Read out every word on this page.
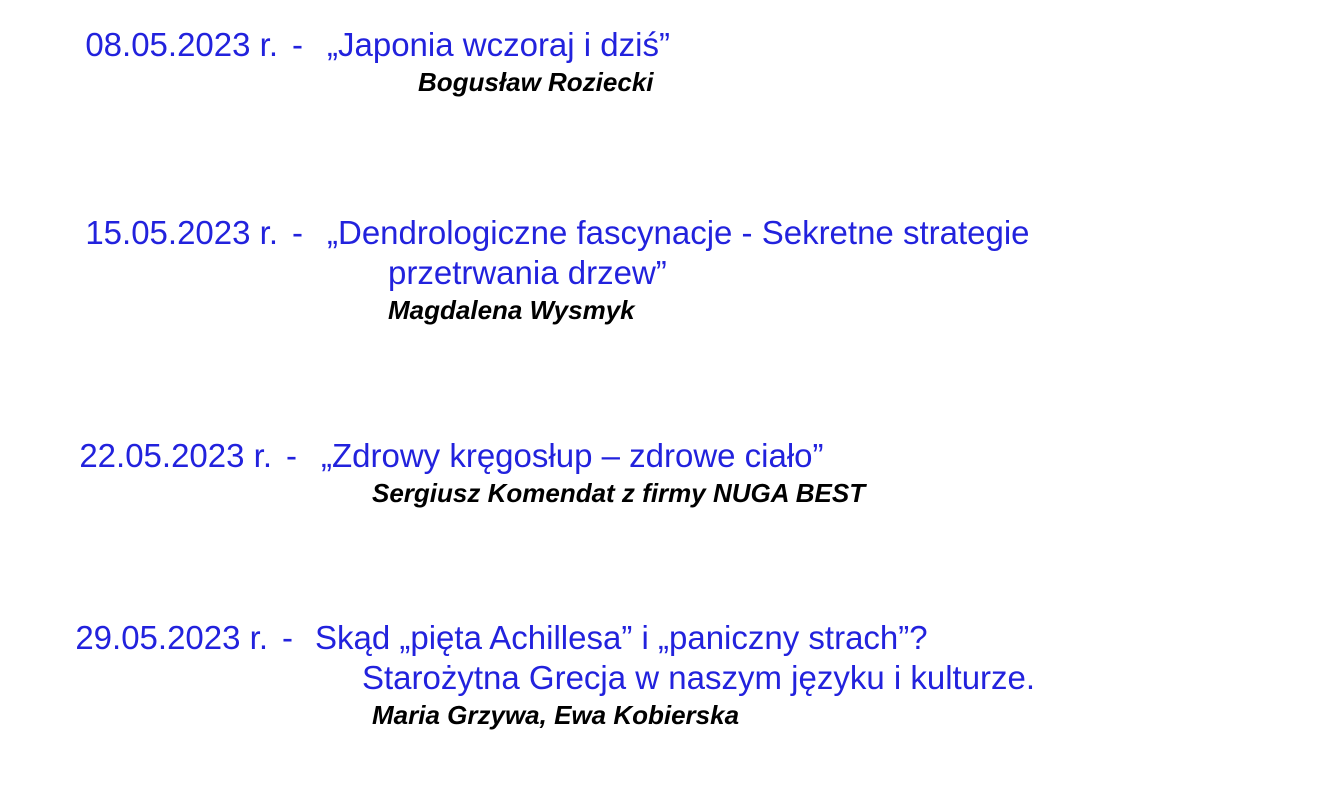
08.05.2023 r. - „Japonia wczoraj i dziś”
Bogusław Roziecki
15.05.2023 r. - „Dendrologiczne fascynacje - Sekretne strategie
przetrwania drzew”
Magdalena Wysmyk
22.05.2023 r. - „Zdrowy kręgosłup – zdrowe ciało”
Sergiusz Komendat z firmy NUGA BEST
29.05.2023 r. - Skąd „pięta Achillesa” i „paniczny strach”?
Starożytna Grecja w naszym języku i kulturze.
Maria Grzywa, Ewa Kobierska
